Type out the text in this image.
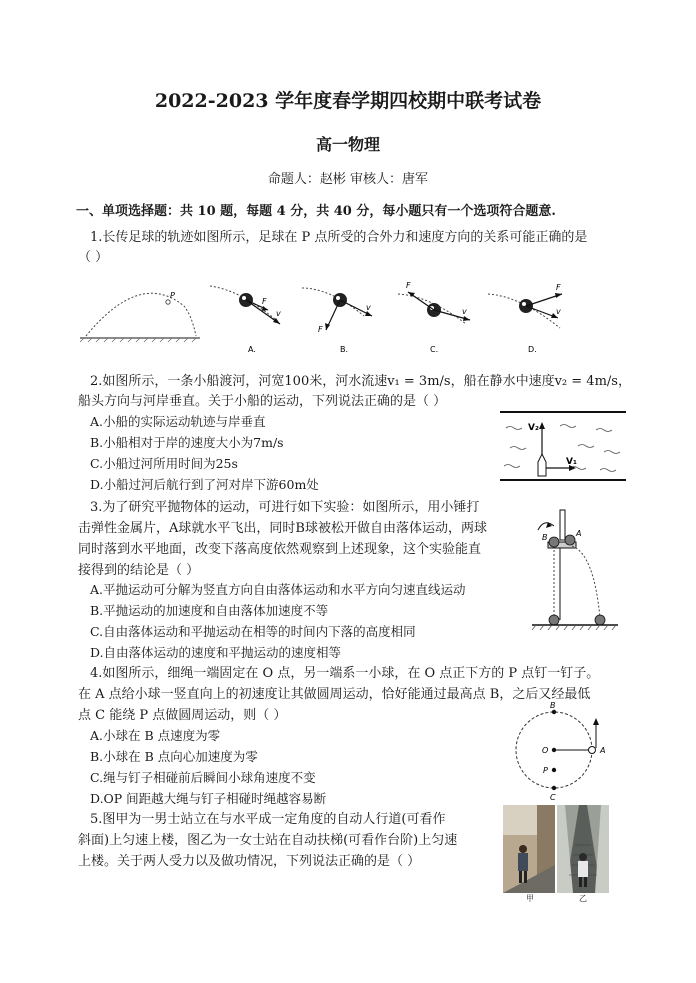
2022-2023 学年度春学期四校期中联考试卷
高一物理
命题人：赵彬 审核人：唐军
一、单项选择题：共 10 题，每题 4 分，共 40 分，每小题只有一个选项符合题意.
1.长传足球的轨迹如图所示，足球在 P 点所受的合外力和速度方向的关系可能正确的是
（ ）
P
F
v
A.
F
v
B.
F
v
C.
F
v
D.
2.如图所示，一条小船渡河，河宽100米，河水流速v₁ = 3m/s，船在静水中速度v₂ = 4m/s，
船头方向与河岸垂直。关于小船的运动，下列说法正确的是（ ）
A.小船的实际运动轨迹与岸垂直
B.小船相对于岸的速度大小为7m/s
C.小船过河所用时间为25s
D.小船过河后航行到了河对岸下游60m处
V₂
V₁
3.为了研究平抛物体的运动，可进行如下实验：如图所示，用小锤打
击弹性金属片，A球就水平飞出，同时B球被松开做自由落体运动，两球
同时落到水平地面，改变下落高度依然观察到上述现象，这个实验能直
接得到的结论是（ ）
A.平抛运动可分解为竖直方向自由落体运动和水平方向匀速直线运动
B.平抛运动的加速度和自由落体加速度不等
C.自由落体运动和平抛运动在相等的时间内下落的高度相同
D.自由落体运动的速度和平抛运动的速度相等
B	A
4.如图所示，细绳一端固定在 O 点，另一端系一小球，在 O 点正下方的 P 点钉一钉子。
在 A 点给小球一竖直向上的初速度让其做圆周运动，恰好能通过最高点 B，之后又经最低
点 C 能绕 P 点做圆周运动，则（ ）
A.小球在 B 点速度为零
B.小球在 B 点向心加速度为零
C.绳与钉子相碰前后瞬间小球角速度不变
D.OP 间距越大绳与钉子相碰时绳越容易断
B
O	A
P
C
5.图甲为一男士站立在与水平成一定角度的自动人行道(可看作
斜面)上匀速上楼，图乙为一女士站在自动扶梯(可看作台阶)上匀速
上楼。关于两人受力以及做功情况，下列说法正确的是（ ）
甲	乙
